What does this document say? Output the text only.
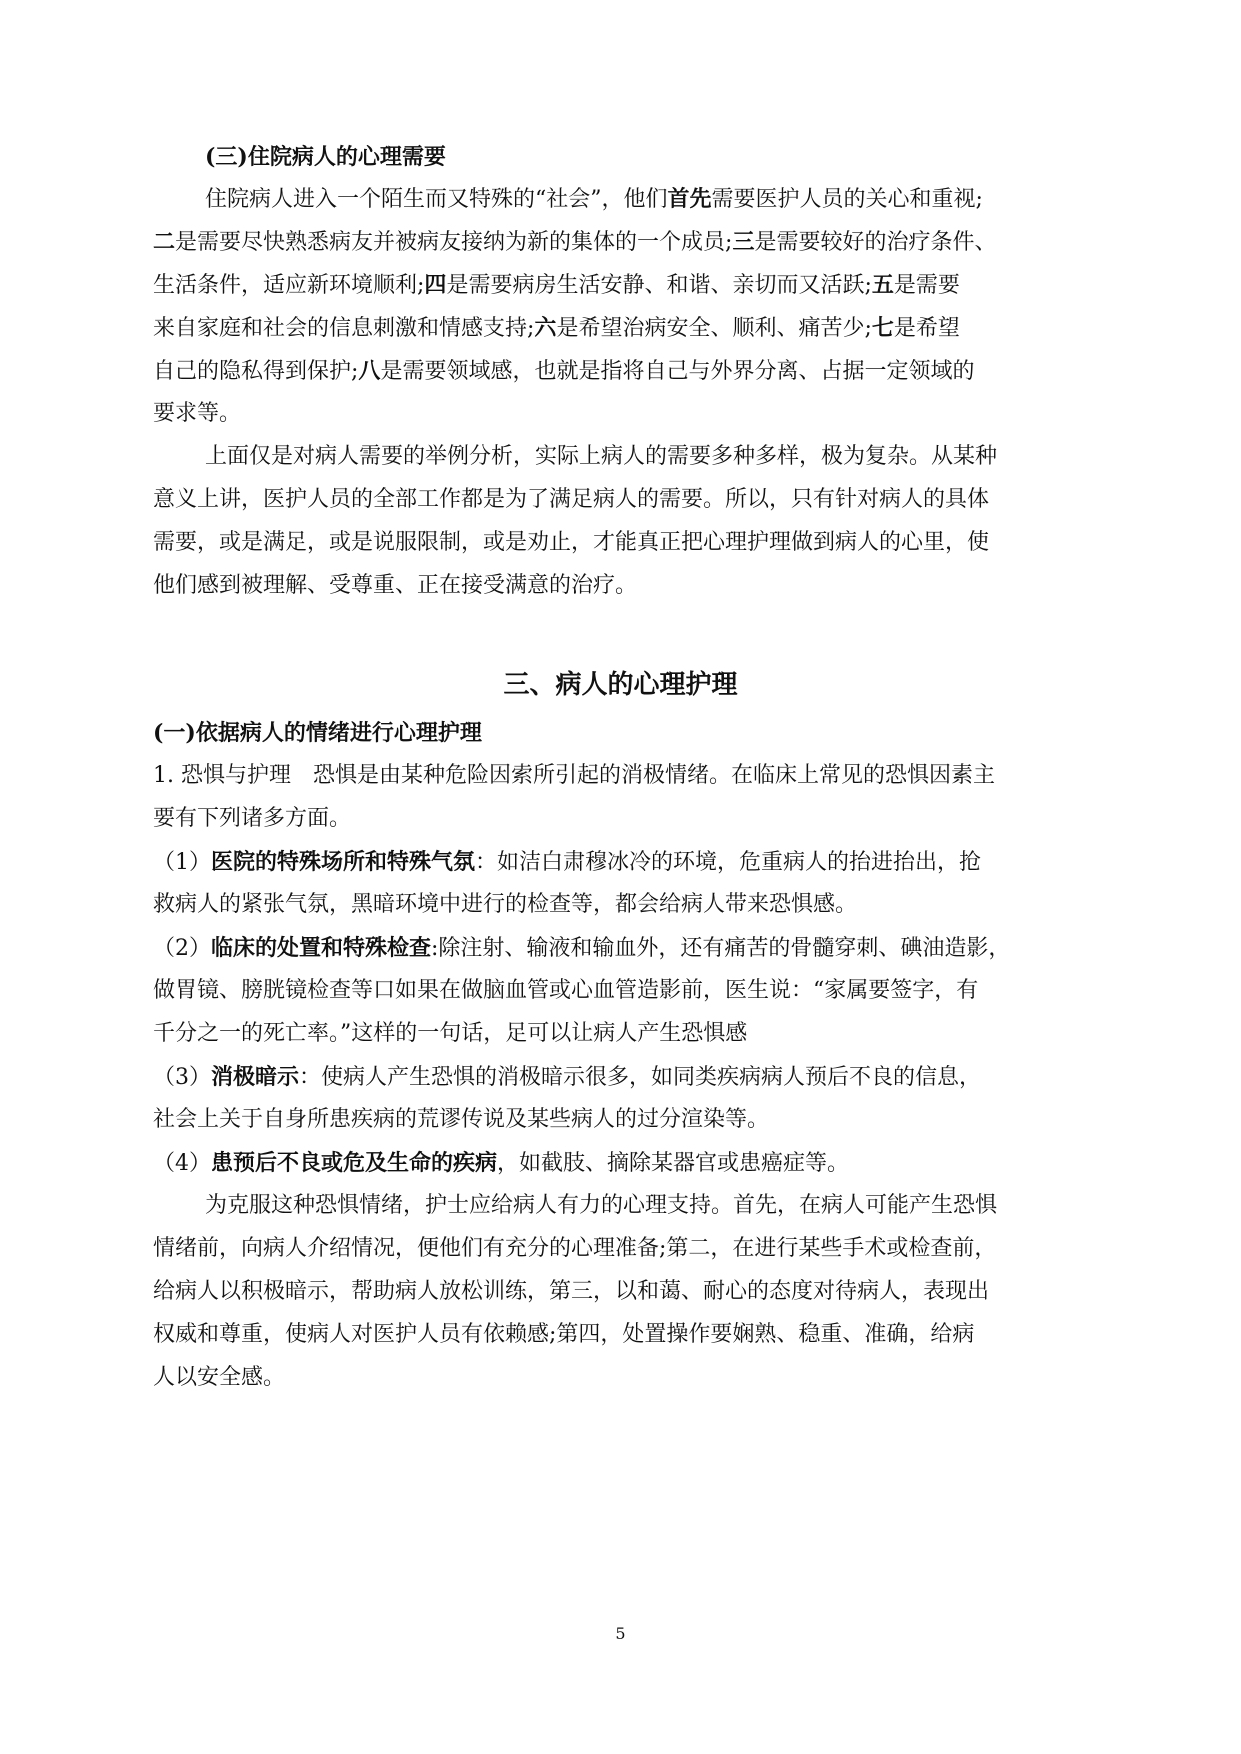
(三)住院病人的心理需要
住院病人进入一个陌生而又特殊的“社会”，他们首先需要医护人员的关心和重视;
二是需要尽快熟悉病友并被病友接纳为新的集体的一个成员;三是需要较好的治疗条件、
生活条件，适应新环境顺利;四是需要病房生活安静、和谐、亲切而又活跃;五是需要
来自家庭和社会的信息刺激和情感支持;六是希望治病安全、顺利、痛苦少;七是希望
自己的隐私得到保护;八是需要领域感，也就是指将自己与外界分离、占据一定领域的
要求等。
上面仅是对病人需要的举例分析，实际上病人的需要多种多样，极为复杂。从某种
意义上讲，医护人员的全部工作都是为了满足病人的需要。所以，只有针对病人的具体
需要，或是满足，或是说服限制，或是劝止，才能真正把心理护理做到病人的心里，使
他们感到被理解、受尊重、正在接受满意的治疗。
三、病人的心理护理
(一)依据病人的情绪进行心理护理
1. 恐惧与护理　恐惧是由某种危险因索所引起的消极情绪。在临床上常见的恐惧因素主
要有下列诸多方面。
（1）医院的特殊场所和特殊气氛：如洁白肃穆冰冷的环境，危重病人的抬进抬出，抢
救病人的紧张气氛，黑暗环境中进行的检查等，都会给病人带来恐惧感。
（2）临床的处置和特殊检查:除注射、输液和输血外，还有痛苦的骨髓穿刺、碘油造影，
做胃镜、膀胱镜检查等口如果在做脑血管或心血管造影前，医生说：“家属要签字，有
千分之一的死亡率。”这样的一句话，足可以让病人产生恐惧感
（3）消极暗示：使病人产生恐惧的消极暗示很多，如同类疾病病人预后不良的信息，
社会上关于自身所患疾病的荒谬传说及某些病人的过分渲染等。
（4）患预后不良或危及生命的疾病，如截肢、摘除某器官或患癌症等。
为克服这种恐惧情绪，护士应给病人有力的心理支持。首先，在病人可能产生恐惧
情绪前，向病人介绍情况，便他们有充分的心理准备;第二，在进行某些手术或检查前，
给病人以积极暗示，帮助病人放松训练，第三，以和蔼、耐心的态度对待病人，表现出
权威和尊重，使病人对医护人员有依赖感;第四，处置操作要娴熟、稳重、准确，给病
人以安全感。
5
